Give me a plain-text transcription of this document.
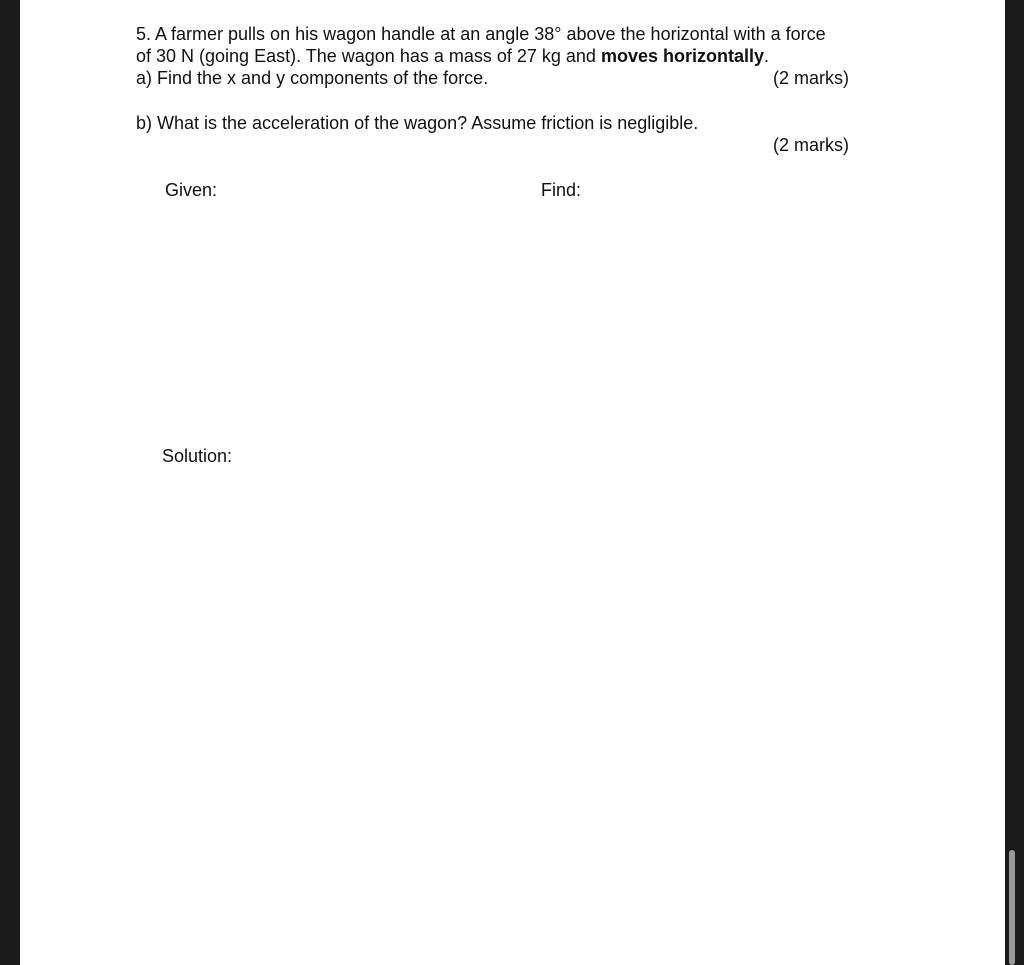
5. A farmer pulls on his wagon handle at an angle 38° above the horizontal with a force
of 30 N (going East). The wagon has a mass of 27 kg and moves horizontally.
a) Find the x and y components of the force.	(2 marks)
b) What is the acceleration of the wagon? Assume friction is negligible.
(2 marks)
Given:	Find:
Solution:
